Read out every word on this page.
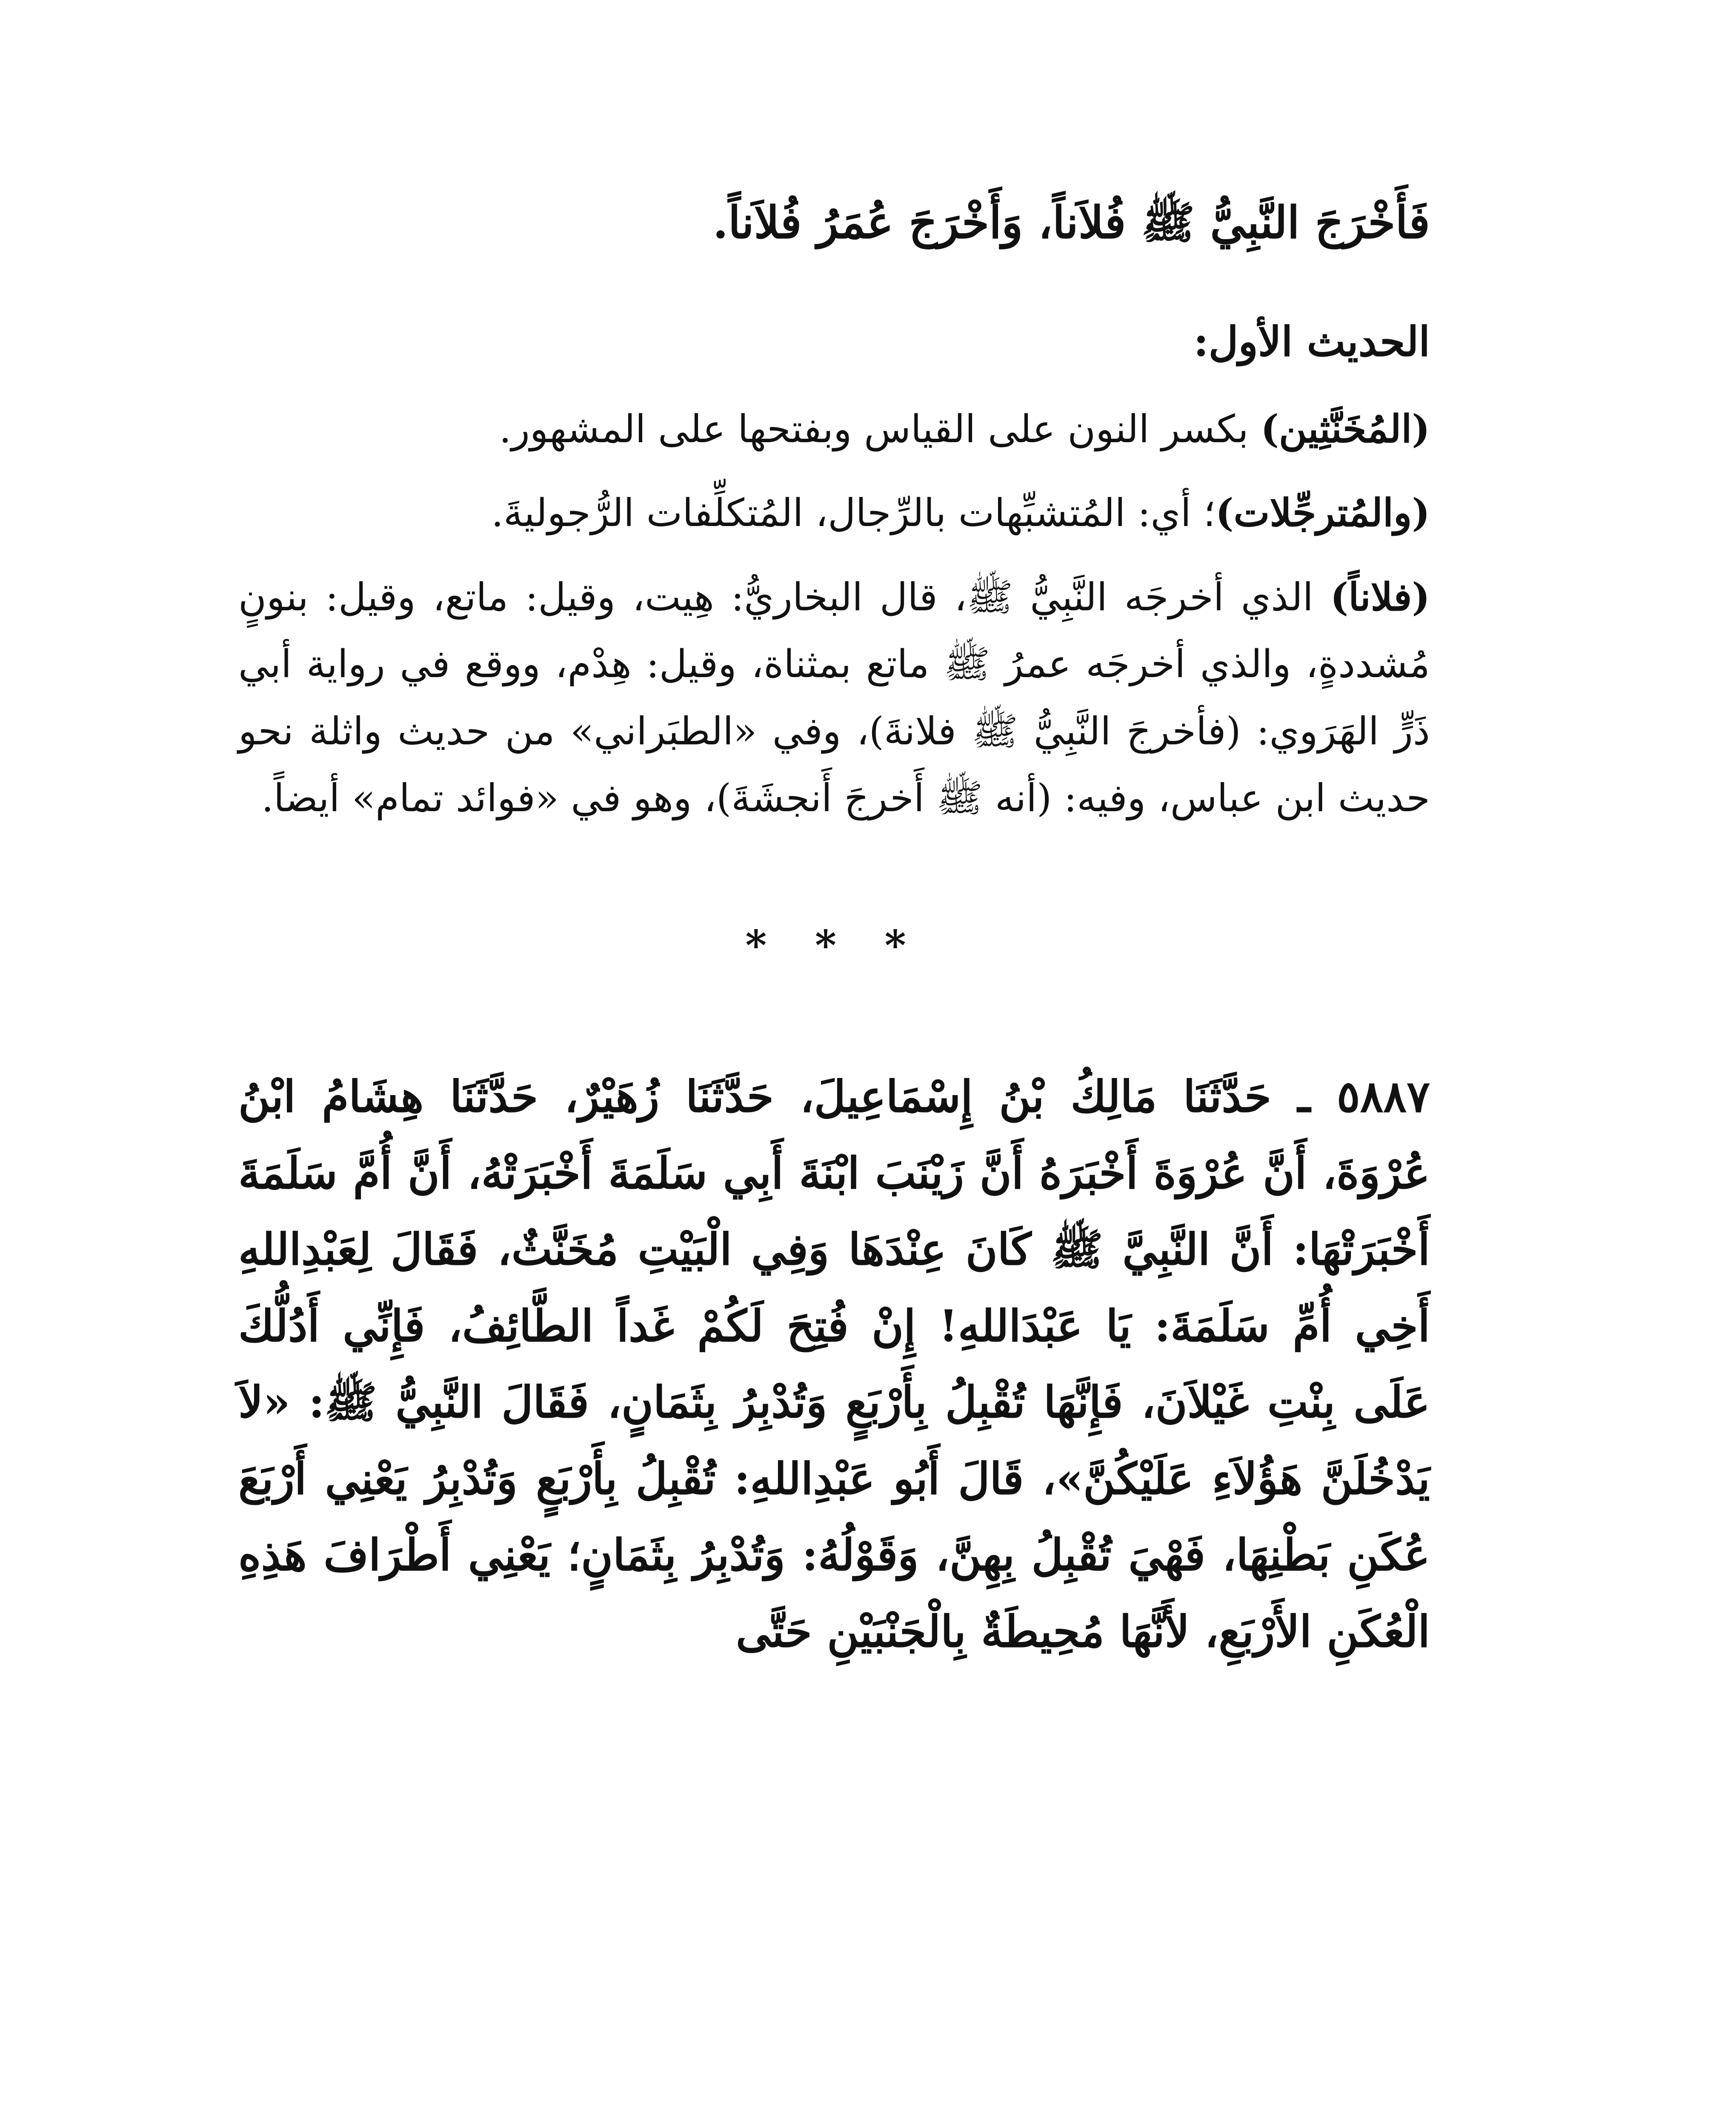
فَأَخْرَجَ النَّبِيُّ ﷺ فُلاَناً، وَأَخْرَجَ عُمَرُ فُلاَناً.

الحديث الأول:

(المُخَنَّثِين) بكسر النون على القياس وبفتحها على المشهور.

(والمُترجِّلات)؛ أي: المُتشبِّهات بالرِّجال، المُتكلِّفات الرُّجوليةَ.

(فلاناً) الذي أخرجَه النَّبِيُّ ﷺ، قال البخاريُّ: هِيت، وقيل: ماتع، وقيل: بنونٍ مُشددةٍ، والذي أخرجَه عمرُ ﷺ ماتع بمثناة، وقيل: هِدْم، ووقع في رواية أبي ذَرٍّ الهَرَوي: (فأخرجَ النَّبِيُّ ﷺ فلانةَ)، وفي «الطبَراني» من حديث واثلة نحو حديث ابن عباس، وفيه: (أنه ﷺ أَخرجَ أَنجشَةَ)، وهو في «فوائد تمام» أيضاً.

* * *

٥٨٨٧ ـ حَدَّثَنَا مَالِكُ بْنُ إِسْمَاعِيلَ، حَدَّثَنَا زُهَيْرٌ، حَدَّثَنَا هِشَامُ ابْنُ عُرْوَةَ، أَنَّ عُرْوَةَ أَخْبَرَهُ أَنَّ زَيْنَبَ ابْنَةَ أَبِي سَلَمَةَ أَخْبَرَتْهُ، أَنَّ أُمَّ سَلَمَةَ أَخْبَرَتْهَا: أَنَّ النَّبِيَّ ﷺ كَانَ عِنْدَهَا وَفِي الْبَيْتِ مُخَنَّثٌ، فَقَالَ لِعَبْدِاللهِ أَخِي أُمِّ سَلَمَةَ: يَا عَبْدَاللهِ! إِنْ فُتِحَ لَكُمْ غَداً الطَّائِفُ، فَإِنِّي أَدُلُّكَ عَلَى بِنْتِ غَيْلاَنَ، فَإِنَّهَا تُقْبِلُ بِأَرْبَعٍ وَتُدْبِرُ بِثَمَانٍ، فَقَالَ النَّبِيُّ ﷺ: «لاَ يَدْخُلَنَّ هَؤُلاَءِ عَلَيْكُنَّ»، قَالَ أَبُو عَبْدِاللهِ: تُقْبِلُ بِأَرْبَعٍ وَتُدْبِرُ يَعْنِي أَرْبَعَ عُكَنِ بَطْنِهَا، فَهْيَ تُقْبِلُ بِهِنَّ، وَقَوْلُهُ: وَتُدْبِرُ بِثَمَانٍ؛ يَعْنِي أَطْرَافَ هَذِهِ الْعُكَنِ الأَرْبَعِ، لأَنَّهَا مُحِيطَةٌ بِالْجَنْبَيْنِ حَتَّى
